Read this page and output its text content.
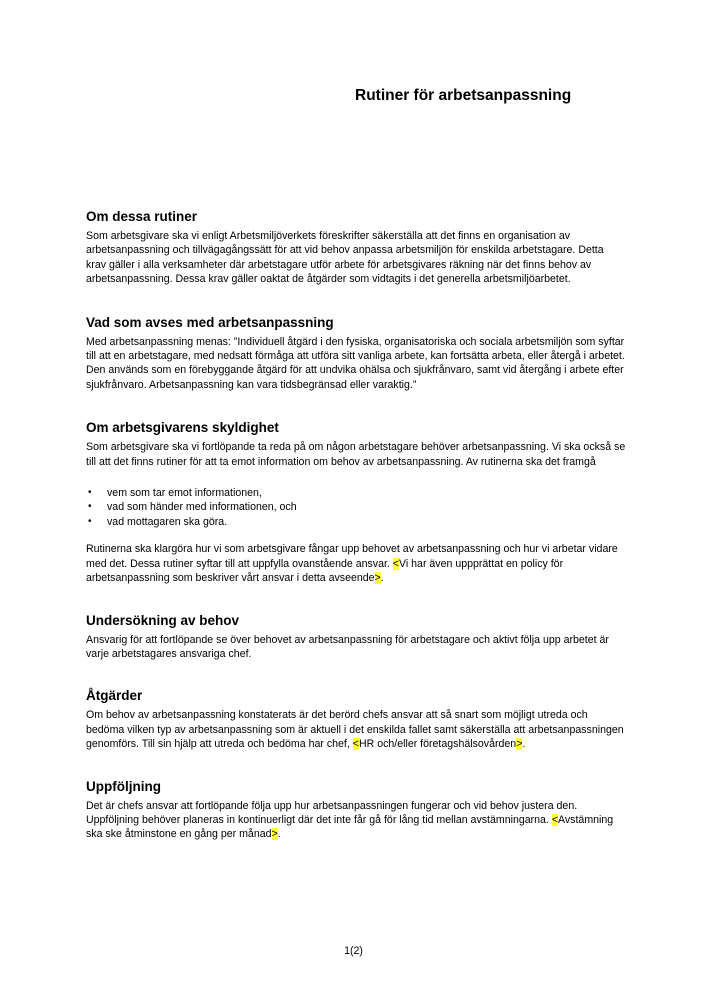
Rutiner för arbetsanpassning
Om dessa rutiner

Som arbetsgivare ska vi enligt Arbetsmiljöverkets föreskrifter säkerställa att det finns en organisation av arbetsanpassning och tillvägagångssätt för att vid behov anpassa arbetsmiljön för enskilda arbetstagare. Detta krav gäller i alla verksamheter där arbetstagare utför arbete för arbetsgivares räkning när det finns behov av arbetsanpassning. Dessa krav gäller oaktat de åtgärder som vidtagits i det generella arbetsmiljöarbetet.

Vad som avses med arbetsanpassning

Med arbetsanpassning menas: ”Individuell åtgärd i den fysiska, organisatoriska och sociala arbetsmiljön som syftar till att en arbetstagare, med nedsatt förmåga att utföra sitt vanliga arbete, kan fortsätta arbeta, eller återgå i arbetet. Den används som en förebyggande åtgärd för att undvika ohälsa och sjukfrånvaro, samt vid återgång i arbete efter sjukfrånvaro. Arbetsanpassning kan vara tidsbegränsad eller varaktig.”

Om arbetsgivarens skyldighet

Som arbetsgivare ska vi fortlöpande ta reda på om någon arbetstagare behöver arbetsanpassning. Vi ska också se till att det finns rutiner för att ta emot information om behov av arbetsanpassning. Av rutinerna ska det framgå

• vem som tar emot informationen,
• vad som händer med informationen, och
• vad mottagaren ska göra.

Rutinerna ska klargöra hur vi som arbetsgivare fångar upp behovet av arbetsanpassning och hur vi arbetar vidare med det. Dessa rutiner syftar till att uppfylla ovanstående ansvar. <Vi har även uppprättat en policy för arbetsanpassning som beskriver vårt ansvar i detta avseende>.

Undersökning av behov

Ansvarig för att fortlöpande se över behovet av arbetsanpassning för arbetstagare och aktivt följa upp arbetet är varje arbetstagares ansvariga chef.

Åtgärder

Om behov av arbetsanpassning konstaterats är det berörd chefs ansvar att så snart som möjligt utreda och bedöma vilken typ av arbetsanpassning som är aktuell i det enskilda fallet samt säkerställa att arbetsanpassningen genomförs. Till sin hjälp att utreda och bedöma har chef, <HR och/eller företagshälsovården>.

Uppföljning

Det är chefs ansvar att fortlöpande följa upp hur arbetsanpassningen fungerar och vid behov justera den. Uppföljning behöver planeras in kontinuerligt där det inte får gå för lång tid mellan avstämningarna. <Avstämning ska ske åtminstone en gång per månad>.

1(2)
